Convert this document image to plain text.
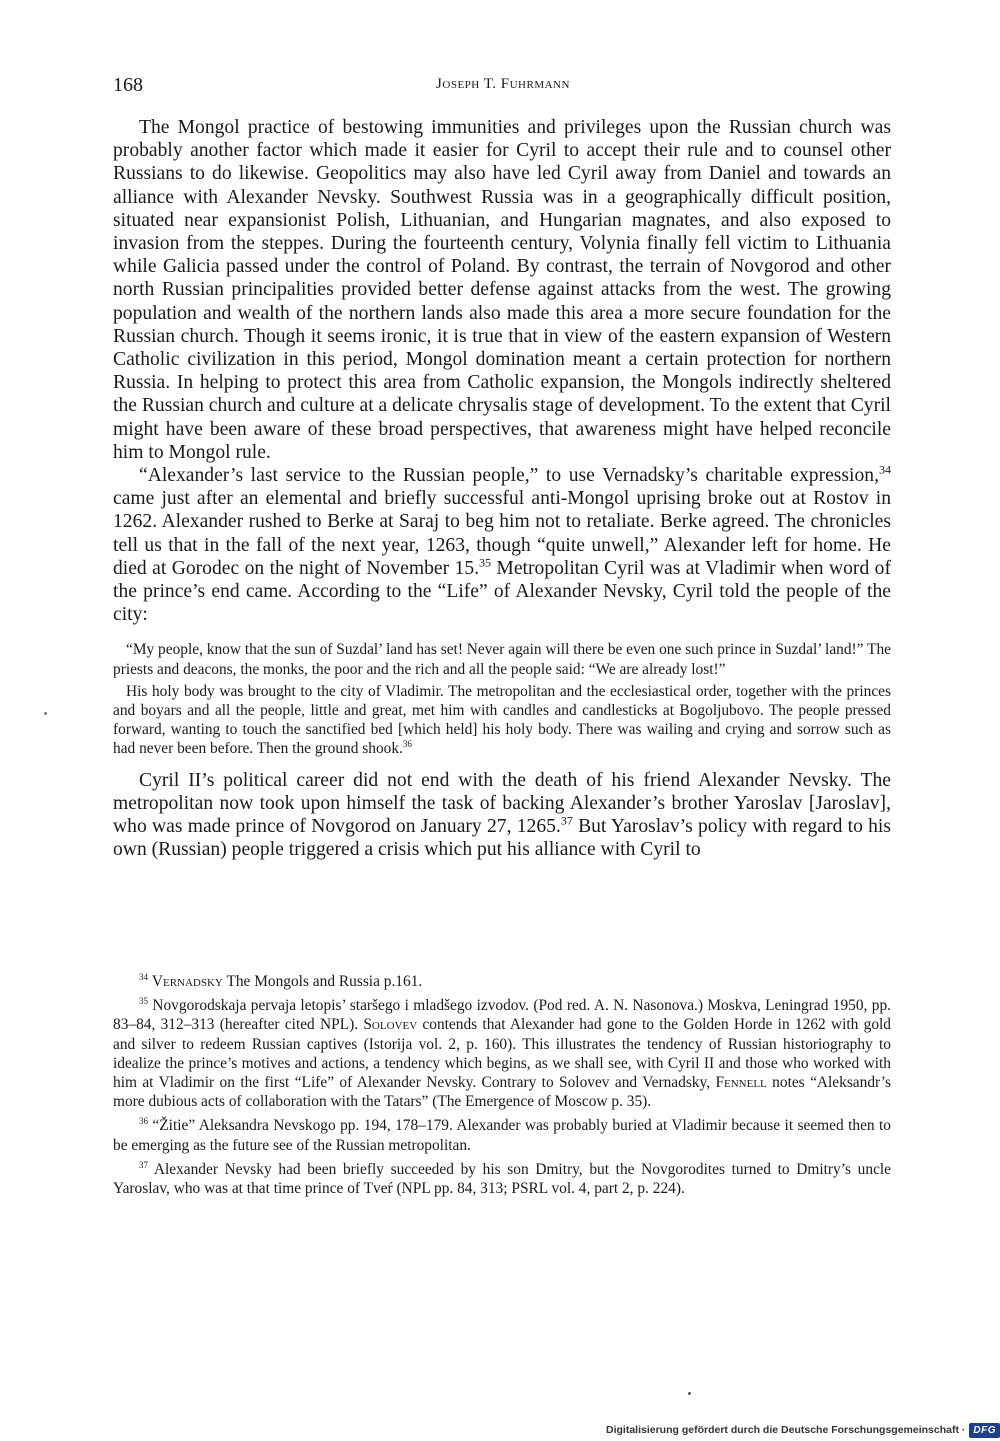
168	Joseph T. Fuhrmann

The Mongol practice of bestowing immunities and privileges upon the Russian church was probably another factor which made it easier for Cyril to accept their rule and to counsel other Russians to do likewise. Geopolitics may also have led Cyril away from Daniel and towards an alliance with Alexander Nevsky. Southwest Russia was in a geographically difficult position, situated near expansionist Polish, Lithuanian, and Hungarian magnates, and also exposed to invasion from the steppes. During the fourteenth century, Volynia finally fell victim to Lithuania while Galicia passed under the control of Poland. By contrast, the terrain of Novgorod and other north Russian principalities provided better defense against attacks from the west. The growing population and wealth of the northern lands also made this area a more secure foundation for the Russian church. Though it seems ironic, it is true that in view of the eastern expansion of Western Catholic civilization in this period, Mongol domination meant a certain protection for northern Russia. In helping to protect this area from Catholic expansion, the Mongols indirectly sheltered the Russian church and culture at a delicate chrysalis stage of development. To the extent that Cyril might have been aware of these broad perspectives, that awareness might have helped reconcile him to Mongol rule.

“Alexander’s last service to the Russian people,” to use Vernadsky’s charitable expression,$^{34}$ came just after an elemental and briefly successful anti-Mongol uprising broke out at Rostov in 1262. Alexander rushed to Berke at Saraj to beg him not to retaliate. Berke agreed. The chronicles tell us that in the fall of the next year, 1263, though “quite unwell,” Alexander left for home. He died at Gorodec on the night of November 15.35 Metropolitan Cyril was at Vladimir when word of the prince’s end came. According to the “Life” of Alexander Nevsky, Cyril told the people of the city:

“My people, know that the sun of Suzdal’ land has set! Never again will there be even one such prince in Suzdal’ land!” The priests and deacons, the monks, the poor and the rich and all the people said: “We are already lost!”

His holy body was brought to the city of Vladimir. The metropolitan and the ecclesiastical order, together with the princes and boyars and all the people, little and great, met him with candles and candlesticks at Bogoljubovo. The people pressed forward, wanting to touch the sanctified bed [which held] his holy body. There was wailing and crying and sorrow such as had never been before. Then the ground shook.$^{36}$

Cyril II’s political career did not end with the death of his friend Alexander Nevsky. The metropolitan now took upon himself the task of backing Alexander’s brother Yaroslav [Jaroslav], who was made prince of Novgorod on January 27, 1265.37 But Yaroslav’s policy with regard to his own (Russian) people triggered a crisis which put his alliance with Cyril to

$^{34}$ Vernadsky The Mongols and Russia p.161.

$^{35}$ Novgorodskaja pervaja letopis’ staršego i mladšego izvodov. (Pod red. A. N. Nasonova.) Moskva, Leningrad 1950, pp. 83–84, 312–313 (hereafter cited NPL). Solovev contends that Alexander had gone to the Golden Horde in 1262 with gold and silver to redeem Russian captives (Istorija vol. 2, p. 160). This illustrates the tendency of Russian historiography to idealize the prince’s motives and actions, a tendency which begins, as we shall see, with Cyril II and those who worked with him at Vladimir on the first “Life” of Alexander Nevsky. Contrary to Solovev and Vernadsky, Fennell notes “Aleksandr’s more dubious acts of collaboration with the Tatars” (The Emergence of Moscow p. 35).

$^{36}$ “Žitie” Aleksandra Nevskogo pp. 194, 178–179. Alexander was probably buried at Vladimir because it seemed then to be emerging as the future see of the Russian metropolitan.

$^{37}$ Alexander Nevsky had been briefly succeeded by his son Dmitry, but the Novgorodites turned to Dmitry’s uncle Yaroslav, who was at that time prince of Tveŕ (NPL pp. 84, 313; PSRL vol. 4, part 2, p. 224).

Digitalisierung gefördert durch die Deutsche Forschungsgemeinschaft · DFG
